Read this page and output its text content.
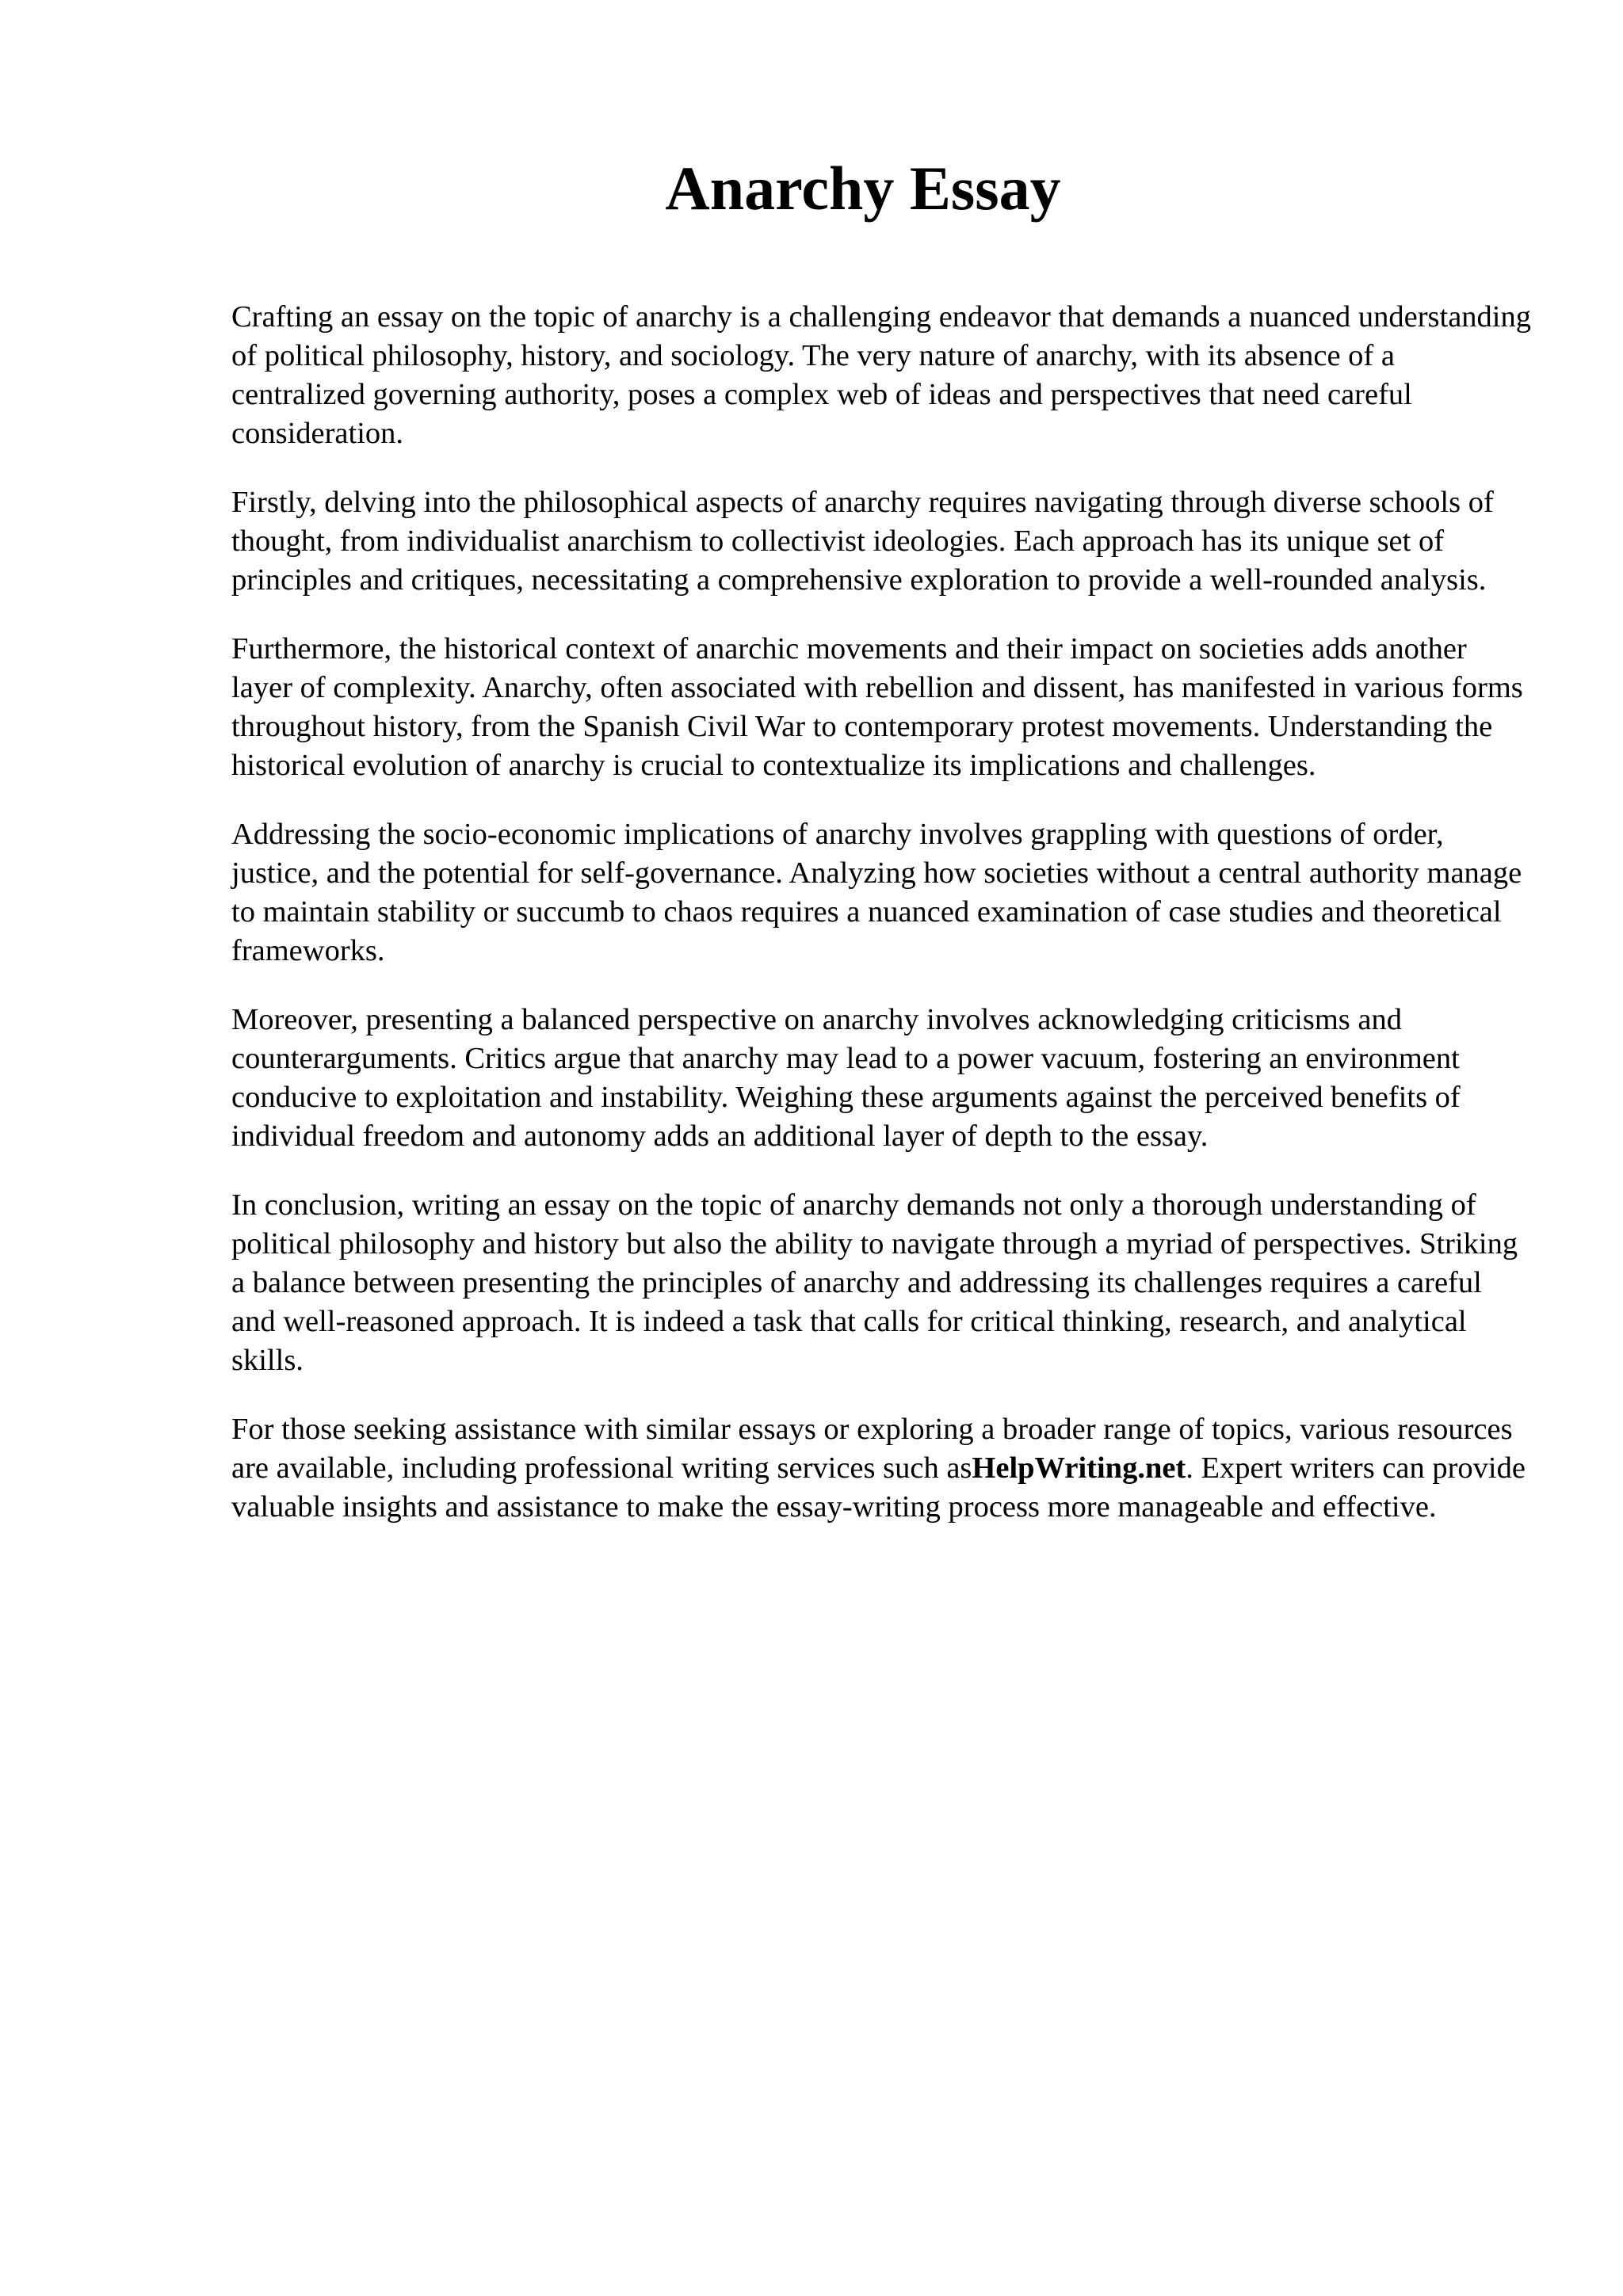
Anarchy Essay

Crafting an essay on the topic of anarchy is a challenging endeavor that demands a nuanced understanding of political philosophy, history, and sociology. The very nature of anarchy, with its absence of a centralized governing authority, poses a complex web of ideas and perspectives that need careful consideration.

Firstly, delving into the philosophical aspects of anarchy requires navigating through diverse schools of thought, from individualist anarchism to collectivist ideologies. Each approach has its unique set of principles and critiques, necessitating a comprehensive exploration to provide a well-rounded analysis.

Furthermore, the historical context of anarchic movements and their impact on societies adds another layer of complexity. Anarchy, often associated with rebellion and dissent, has manifested in various forms throughout history, from the Spanish Civil War to contemporary protest movements. Understanding the historical evolution of anarchy is crucial to contextualize its implications and challenges.

Addressing the socio-economic implications of anarchy involves grappling with questions of order, justice, and the potential for self-governance. Analyzing how societies without a central authority manage to maintain stability or succumb to chaos requires a nuanced examination of case studies and theoretical frameworks.

Moreover, presenting a balanced perspective on anarchy involves acknowledging criticisms and counterarguments. Critics argue that anarchy may lead to a power vacuum, fostering an environment conducive to exploitation and instability. Weighing these arguments against the perceived benefits of individual freedom and autonomy adds an additional layer of depth to the essay.

In conclusion, writing an essay on the topic of anarchy demands not only a thorough understanding of political philosophy and history but also the ability to navigate through a myriad of perspectives. Striking a balance between presenting the principles of anarchy and addressing its challenges requires a careful and well-reasoned approach. It is indeed a task that calls for critical thinking, research, and analytical skills.

For those seeking assistance with similar essays or exploring a broader range of topics, various resources are available, including professional writing services such asHelpWriting.net. Expert writers can provide valuable insights and assistance to make the essay-writing process more manageable and effective.
